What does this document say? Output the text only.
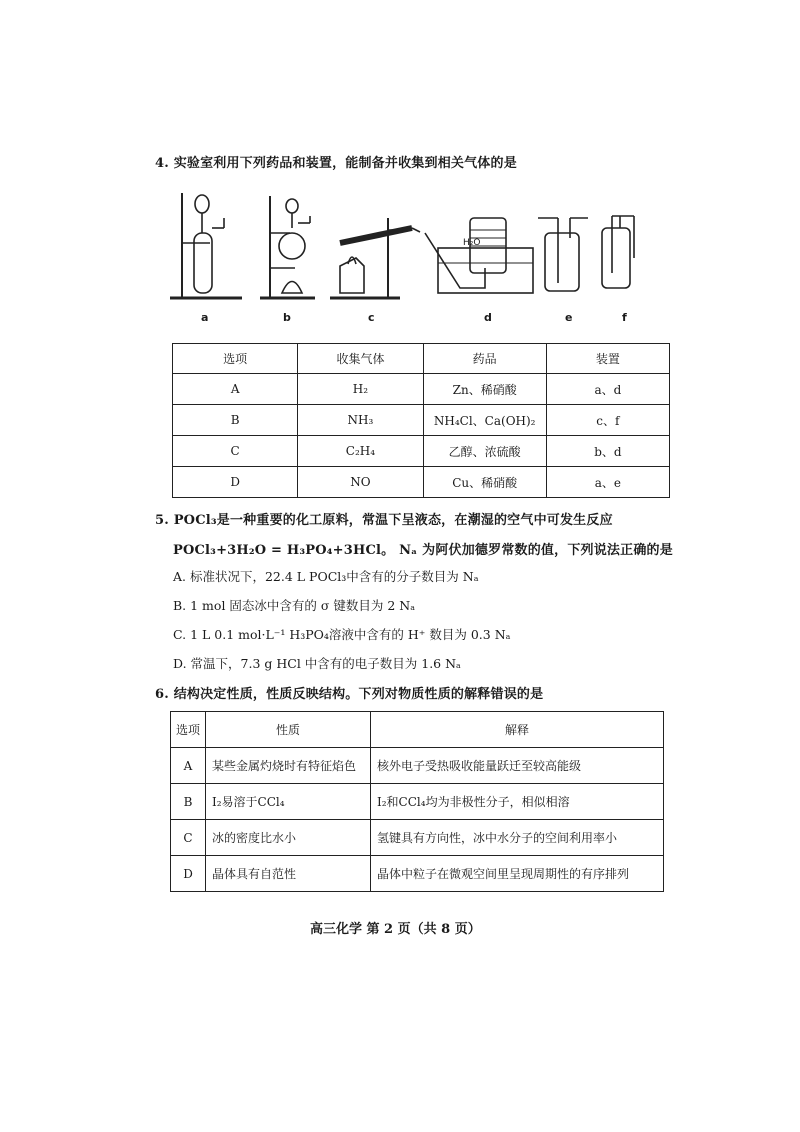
4. 实验室利用下列药品和装置，能制备并收集到相关气体的是
H₂O
a	b	c	d	e	f
选项	收集气体	药品	装置
A	H₂	Zn、稀硝酸	a、d
B	NH₃	NH₄Cl、Ca(OH)₂	c、f
C	C₂H₄	乙醇、浓硫酸	b、d
D	NO	Cu、稀硝酸	a、e
5. POCl₃是一种重要的化工原料，常温下呈液态，在潮湿的空气中可发生反应
POCl₃+3H₂O = H₃PO₄+3HCl。 Nₐ 为阿伏加德罗常数的值，下列说法正确的是
A. 标准状况下，22.4 L POCl₃中含有的分子数目为 Nₐ
B. 1 mol 固态冰中含有的 σ 键数目为 2 Nₐ
C. 1 L 0.1 mol·L⁻¹ H₃PO₄溶液中含有的 H⁺ 数目为 0.3 Nₐ
D. 常温下，7.3 g HCl 中含有的电子数目为 1.6 Nₐ
6. 结构决定性质，性质反映结构。下列对物质性质的解释错误的是
选项	性质	解释
A	某些金属灼烧时有特征焰色	核外电子受热吸收能量跃迁至较高能级
B	I₂易溶于CCl₄	I₂和CCl₄均为非极性分子，相似相溶
C	冰的密度比水小	氢键具有方向性，冰中水分子的空间利用率小
D	晶体具有自范性	晶体中粒子在微观空间里呈现周期性的有序排列
高三化学 第 2 页（共 8 页）
